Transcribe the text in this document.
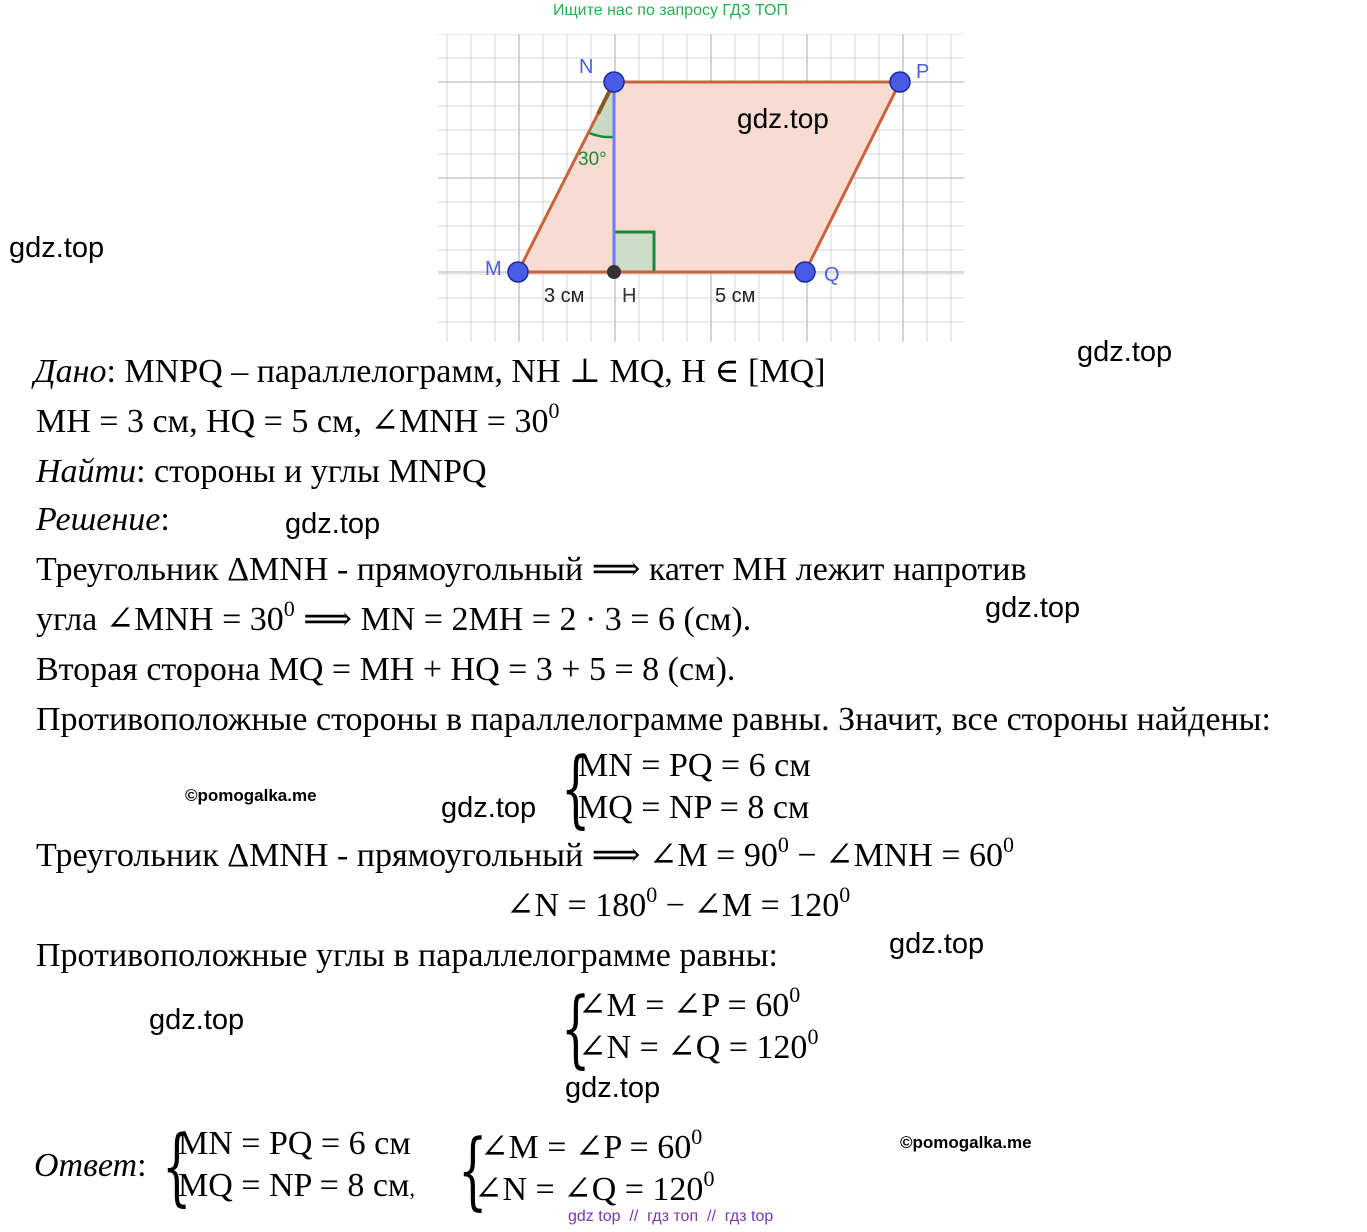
Ищите нас по запросу ГДЗ ТОП
N	P
M	Q
H
30°
3 см	5 см
gdz.top
gdz.top
gdz.top
gdz.top
gdz.top
gdz.top
gdz.top
gdz.top
gdz.top
©pomogalka.me
©pomogalka.me
Дано: MNPQ – параллелограмм, NH ⊥ MQ, H ∈ [MQ]
MH = 3 см, HQ = 5 см, ∠MNH = $30^0$
Найти: стороны и углы MNPQ
Решение:
Треугольник ΔMNH - прямоугольный ⟹ катет MH лежит напротив
угла ∠MNH = $30^0$ ⟹ MN = 2MH = 2 · 3 = 6 (см).
Вторая сторона MQ = MH + HQ = 3 + 5 = 8 (см).
Противоположные стороны в параллелограмме равны. Значит, все стороны найдены:
{
MN = PQ = 6 см
MQ = NP = 8 см
Треугольник ΔMNH - прямоугольный ⟹ ∠M = $90^0$ − ∠MNH = $60^0$
∠N = $180^0$ − ∠M = $120^0$
Противоположные углы в параллелограмме равны:
{
∠M = ∠P = $60^0$
∠N = ∠Q = $120^0$
Ответ: {
MN = PQ = 6 см
MQ = NP = 8 см, {
∠M = ∠P = $60^0$
∠N = ∠Q = $120^0$
gdz top  //  гдз топ  //  гдз top
